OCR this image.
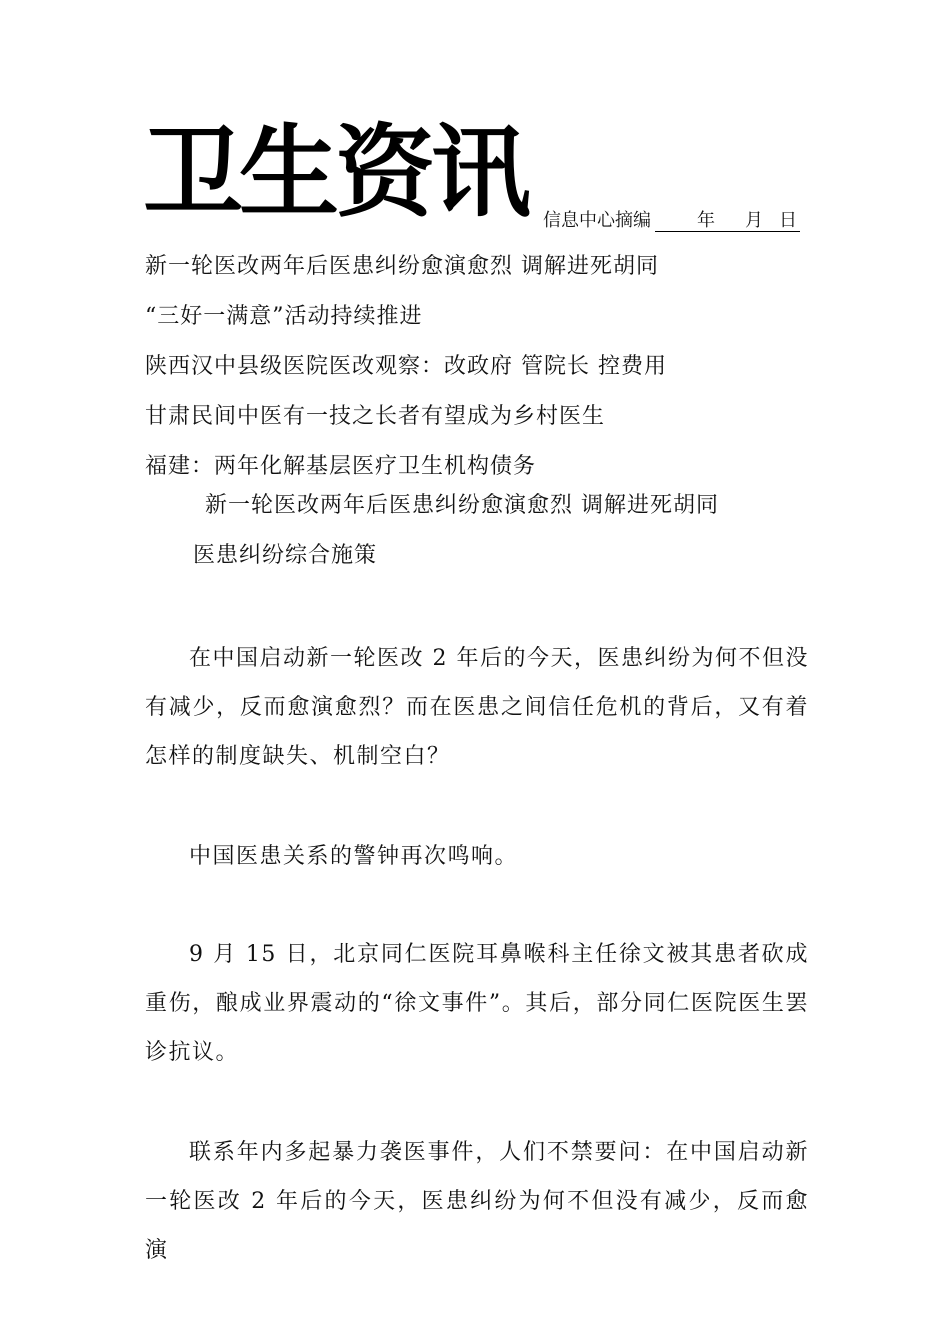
卫生资讯 信息中心摘编	年 月 日
新一轮医改两年后医患纠纷愈演愈烈 调解进死胡同
“三好一满意”活动持续推进
陕西汉中县级医院医改观察：改政府 管院长 控费用
甘肃民间中医有一技之长者有望成为乡村医生
福建：两年化解基层医疗卫生机构债务
新一轮医改两年后医患纠纷愈演愈烈 调解进死胡同
医患纠纷综合施策

在中国启动新一轮医改 2 年后的今天，医患纠纷为何不但没有减少，反而愈演愈烈？而在医患之间信任危机的背后，又有着怎样的制度缺失、机制空白？

中国医患关系的警钟再次鸣响。

9 月 15 日，北京同仁医院耳鼻喉科主任徐文被其患者砍成重伤，酿成业界震动的“徐文事件”。其后，部分同仁医院医生罢诊抗议。

联系年内多起暴力袭医事件，人们不禁要问：在中国启动新一轮医改 2 年后的今天，医患纠纷为何不但没有减少，反而愈演
